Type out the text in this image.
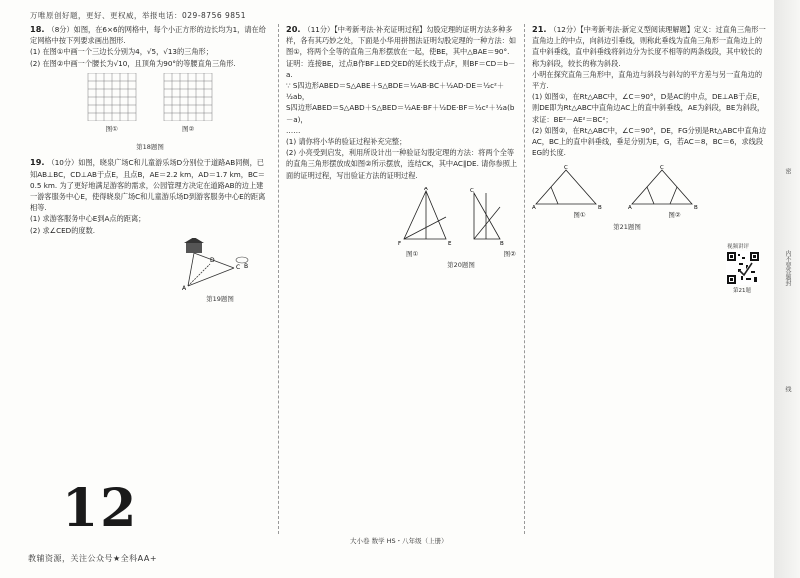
万唯原创好题，更好、更权威，举报电话：029-8756 9851

18. （8分）如图，在6×6的网格中，每个小正方形的边长均为1，请在给定网格中按下列要求画出图形.

(1) 在图①中画一个三边长分别为4，√5，√13的三角形；

(2) 在图②中画一个腰长为√10，且顶角为90°的等腰直角三角形.

图①
	图②

第18题图

19. （10分）如图，晓泉广场C和儿童游乐场D分别位于道路AB同侧，已知AB⊥BC，CD⊥AB于点E，且点B，AE＝2.2 km，AD＝1.7 km，BC＝0.5 km. 为了更好地满足游客的需求，公园管理方决定在道路AB的边上建一游客服务中心E，使得晓泉广场C和儿童游乐场D到游客服务中心E的距离相等.

(1) 求游客服务中心E到A点的距离；

(2) 求∠CED的度数.

A
C
D
B

第19题图

20. （11分）【中考新考法·补充证明过程】勾股定理的证明方法多种多样，各有其巧妙之处，下面是小华用拼图法证明勾股定理的一种方法：如图①，将两个全等的直角三角形摆放在一起，使BE，其中△BAE＝90°.

证明：连接BE，过点B作BF⊥ED交ED的延长线于点F，则BF＝CD＝b－a.

∵ S四边形ABED＝S△ABE＋S△BDE＝½AB·BC＋½AD·DE＝½c²＋½ab，

S四边形ABED＝S△ABD＋S△BED＝½AE·BF＋½DE·BF＝½c²＋½a(b－a)，

……

(1) 请你将小华的验证过程补充完整；

(2) 小亮受到启发，利用所设计出一种验证勾股定理的方法：将两个全等的直角三角形摆放成如图②所示摆放，连结CK，其中AC∥DE. 请你参照上面的证明过程，写出验证方法的证明过程.

A
F	E
C
B
图①	图②

第20题图

21. （12分）【中考新考法·新定义型阅读理解题】定义：过直角三角形一直角边上的中点，向斜边引垂线，则称此垂线为直角三角形一直角边上的直中斜垂线，直中斜垂线将斜边分为长度不相等的两条线段，其中较长的称为斜段，较长的称为斜段.

小明在探究直角三角形中，直角边与斜段与斜勾的平方差与另一直角边的平方.

(1) 如图①，在Rt△ABC中，∠C＝90°，D是AC的中点，DE⊥AB于点E，则DE即为Rt△ABC中直角边AC上的直中斜垂线，AE为斜段，BE为斜段，求证：BE²－AE²＝BC²；

(2) 如图②，在Rt△ABC中，∠C＝90°，DE，FG分别是Rt△ABC中直角边AC，BC上的直中斜垂线，垂足分别为E，G，若AC＝8，BC＝6，求线段EG的长度.

A	B
C
A	B
C
图①	图②

第21题图

视频讲评
第21题
12
大小卷 数学 HS・八年级（上册）
教辅资源，关注公众号★全科AA+
密
内不要答题
封
线
